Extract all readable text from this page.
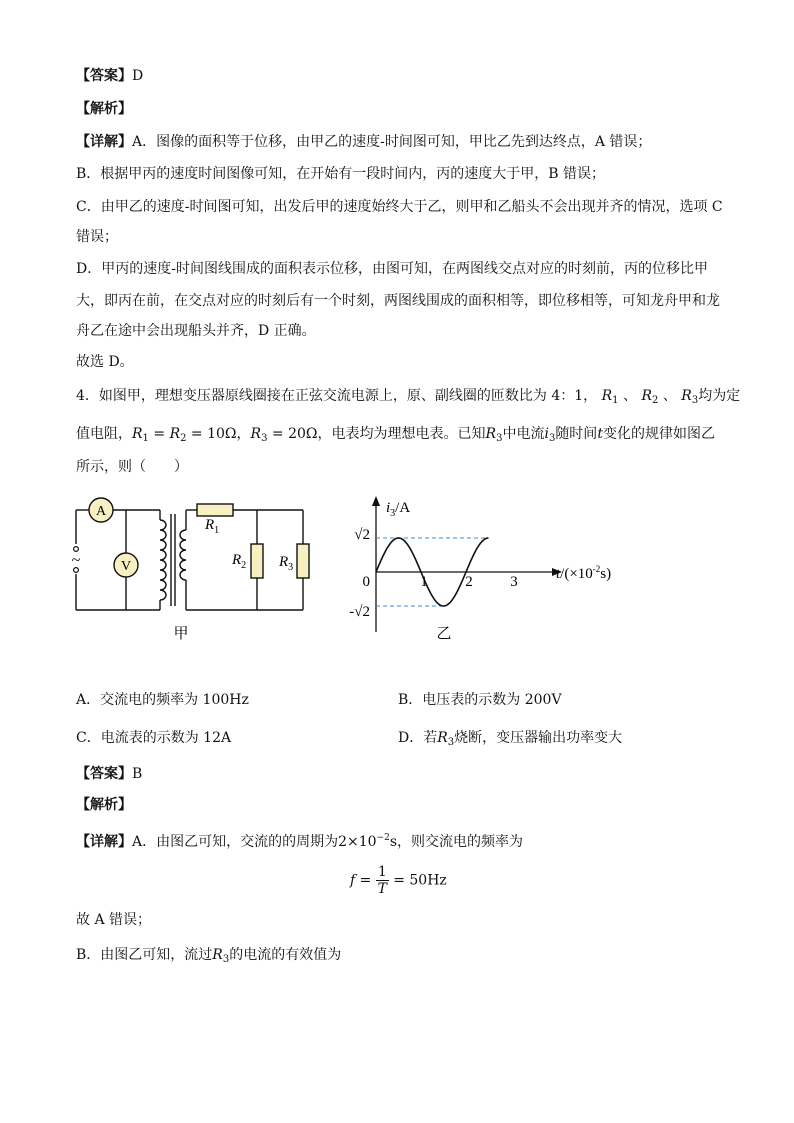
【答案】D
【解析】
【详解】A．图像的面积等于位移，由甲乙的速度-时间图可知，甲比乙先到达终点，A 错误；
B．根据甲丙的速度时间图像可知，在开始有一段时间内，丙的速度大于甲，B 错误；
C．由甲乙的速度-时间图可知，出发后甲的速度始终大于乙，则甲和乙船头不会出现并齐的情况，选项 C
错误；
D．甲丙的速度-时间图线围成的面积表示位移，由图可知，在两图线交点对应的时刻前，丙的位移比甲
大，即丙在前，在交点对应的时刻后有一个时刻，两图线围成的面积相等，即位移相等，可知龙舟甲和龙
舟乙在途中会出现船头并齐，D 正确。
故选 D。
4．如图甲，理想变压器原线圈接在正弦交流电源上，原、副线圈的匝数比为 4：1， $R_1$ 、 $R_2$ 、 $R_3$均为定
值电阻，$R_1 = R_2 = 10\Omega$，$R_3 = 20\Omega$，电表均为理想电表。已知$R_3$中电流$i_3$随时间t变化的规律如图乙
所示，则（　　）
~
A
V
$R_1$
$R_2$ $R_3$
甲
$i_3/A$
$t/(\times 10^{-2}s)$
√2
-√2
0
乙
1	2	3
A．交流电的频率为 100Hz	B．电压表的示数为 200V
C．电流表的示数为 12A	D．若$R_3$烧断，变压器输出功率变大
【答案】B
【解析】
【详解】A．由图乙可知，交流的的周期为$2\times 10^{-2}s$，则交流电的频率为
$f = \frac{1}{T} = 50Hz$
故 A 错误；
B．由图乙可知，流过$R_3$的电流的有效值为
